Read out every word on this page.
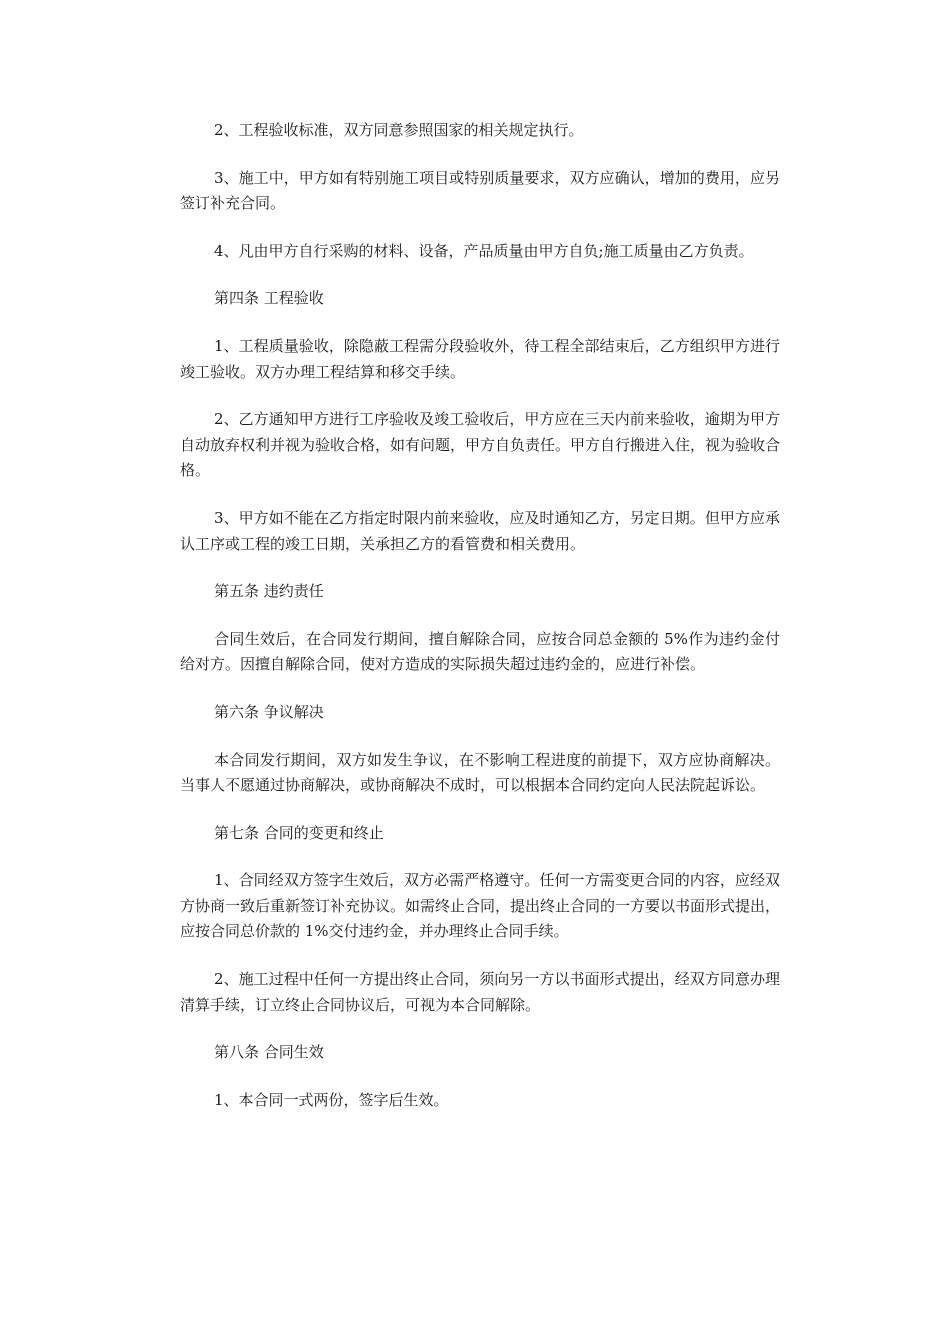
2、工程验收标准，双方同意参照国家的相关规定执行。

3、施工中，甲方如有特别施工项目或特别质量要求，双方应确认，增加的费用，应另签订补充合同。

4、凡由甲方自行采购的材料、设备，产品质量由甲方自负;施工质量由乙方负责。

第四条 工程验收

1、工程质量验收，除隐蔽工程需分段验收外，待工程全部结束后，乙方组织甲方进行竣工验收。双方办理工程结算和移交手续。

2、乙方通知甲方进行工序验收及竣工验收后，甲方应在三天内前来验收，逾期为甲方自动放弃权利并视为验收合格，如有问题，甲方自负责任。甲方自行搬进入住，视为验收合格。

3、甲方如不能在乙方指定时限内前来验收，应及时通知乙方，另定日期。但甲方应承认工序或工程的竣工日期，关承担乙方的看管费和相关费用。

第五条 违约责任

合同生效后，在合同发行期间，擅自解除合同，应按合同总金额的 5%作为违约金付给对方。因擅自解除合同，使对方造成的实际损失超过违约金的，应进行补偿。

第六条 争议解决

本合同发行期间，双方如发生争议，在不影响工程进度的前提下，双方应协商解决。当事人不愿通过协商解决，或协商解决不成时，可以根据本合同约定向人民法院起诉讼。

第七条 合同的变更和终止

1、合同经双方签字生效后，双方必需严格遵守。任何一方需变更合同的内容，应经双方协商一致后重新签订补充协议。如需终止合同，提出终止合同的一方要以书面形式提出，应按合同总价款的 1%交付违约金，并办理终止合同手续。

2、施工过程中任何一方提出终止合同，须向另一方以书面形式提出，经双方同意办理清算手续，订立终止合同协议后，可视为本合同解除。

第八条 合同生效

1、本合同一式两份，签字后生效。
